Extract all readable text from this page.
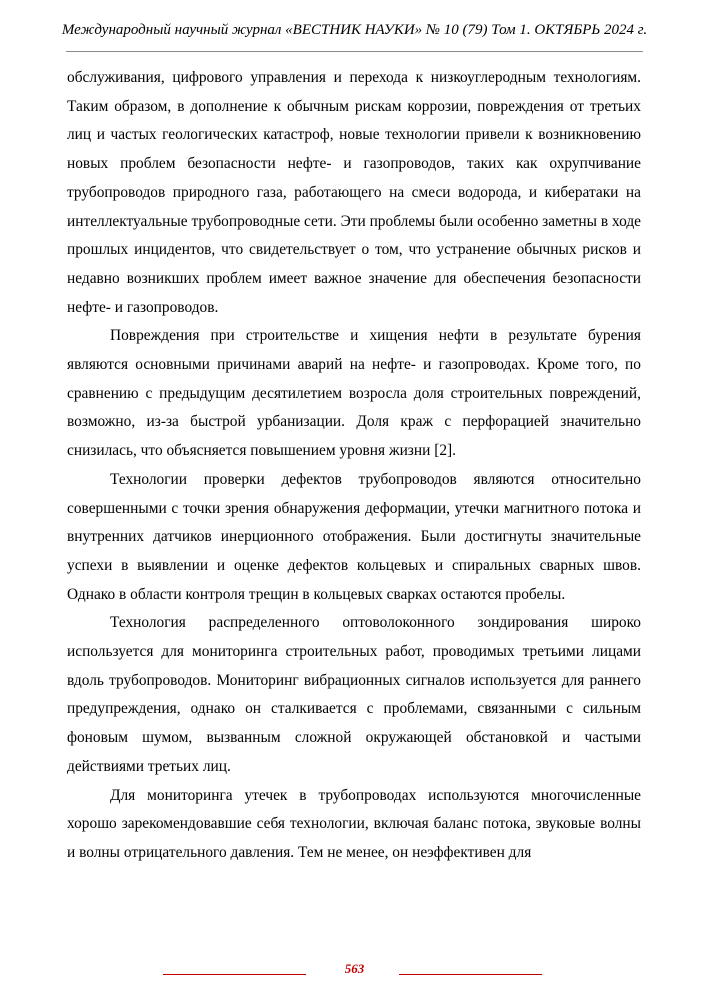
Международный научный журнал «ВЕСТНИК НАУКИ» № 10 (79) Том 1. ОКТЯБРЬ 2024 г.

обслуживания, цифрового управления и перехода к низкоуглеродным технологиям. Таким образом, в дополнение к обычным рискам коррозии, повреждения от третьих лиц и частых геологических катастроф, новые технологии привели к возникновению новых проблем безопасности нефте- и газопроводов, таких как охрупчивание трубопроводов природного газа, работающего на смеси водорода, и кибератаки на интеллектуальные трубопроводные сети. Эти проблемы были особенно заметны в ходе прошлых инцидентов, что свидетельствует о том, что устранение обычных рисков и недавно возникших проблем имеет важное значение для обеспечения безопасности нефте- и газопроводов.

Повреждения при строительстве и хищения нефти в результате бурения являются основными причинами аварий на нефте- и газопроводах. Кроме того, по сравнению с предыдущим десятилетием возросла доля строительных повреждений, возможно, из-за быстрой урбанизации. Доля краж с перфорацией значительно снизилась, что объясняется повышением уровня жизни [2].

Технологии проверки дефектов трубопроводов являются относительно совершенными с точки зрения обнаружения деформации, утечки магнитного потока и внутренних датчиков инерционного отображения. Были достигнуты значительные успехи в выявлении и оценке дефектов кольцевых и спиральных сварных швов. Однако в области контроля трещин в кольцевых сварках остаются пробелы.

Технология распределенного оптоволоконного зондирования широко используется для мониторинга строительных работ, проводимых третьими лицами вдоль трубопроводов. Мониторинг вибрационных сигналов используется для раннего предупреждения, однако он сталкивается с проблемами, связанными с сильным фоновым шумом, вызванным сложной окружающей обстановкой и частыми действиями третьих лиц.

Для мониторинга утечек в трубопроводах используются многочисленные хорошо зарекомендовавшие себя технологии, включая баланс потока, звуковые волны и волны отрицательного давления. Тем не менее, он неэффективен для

563
